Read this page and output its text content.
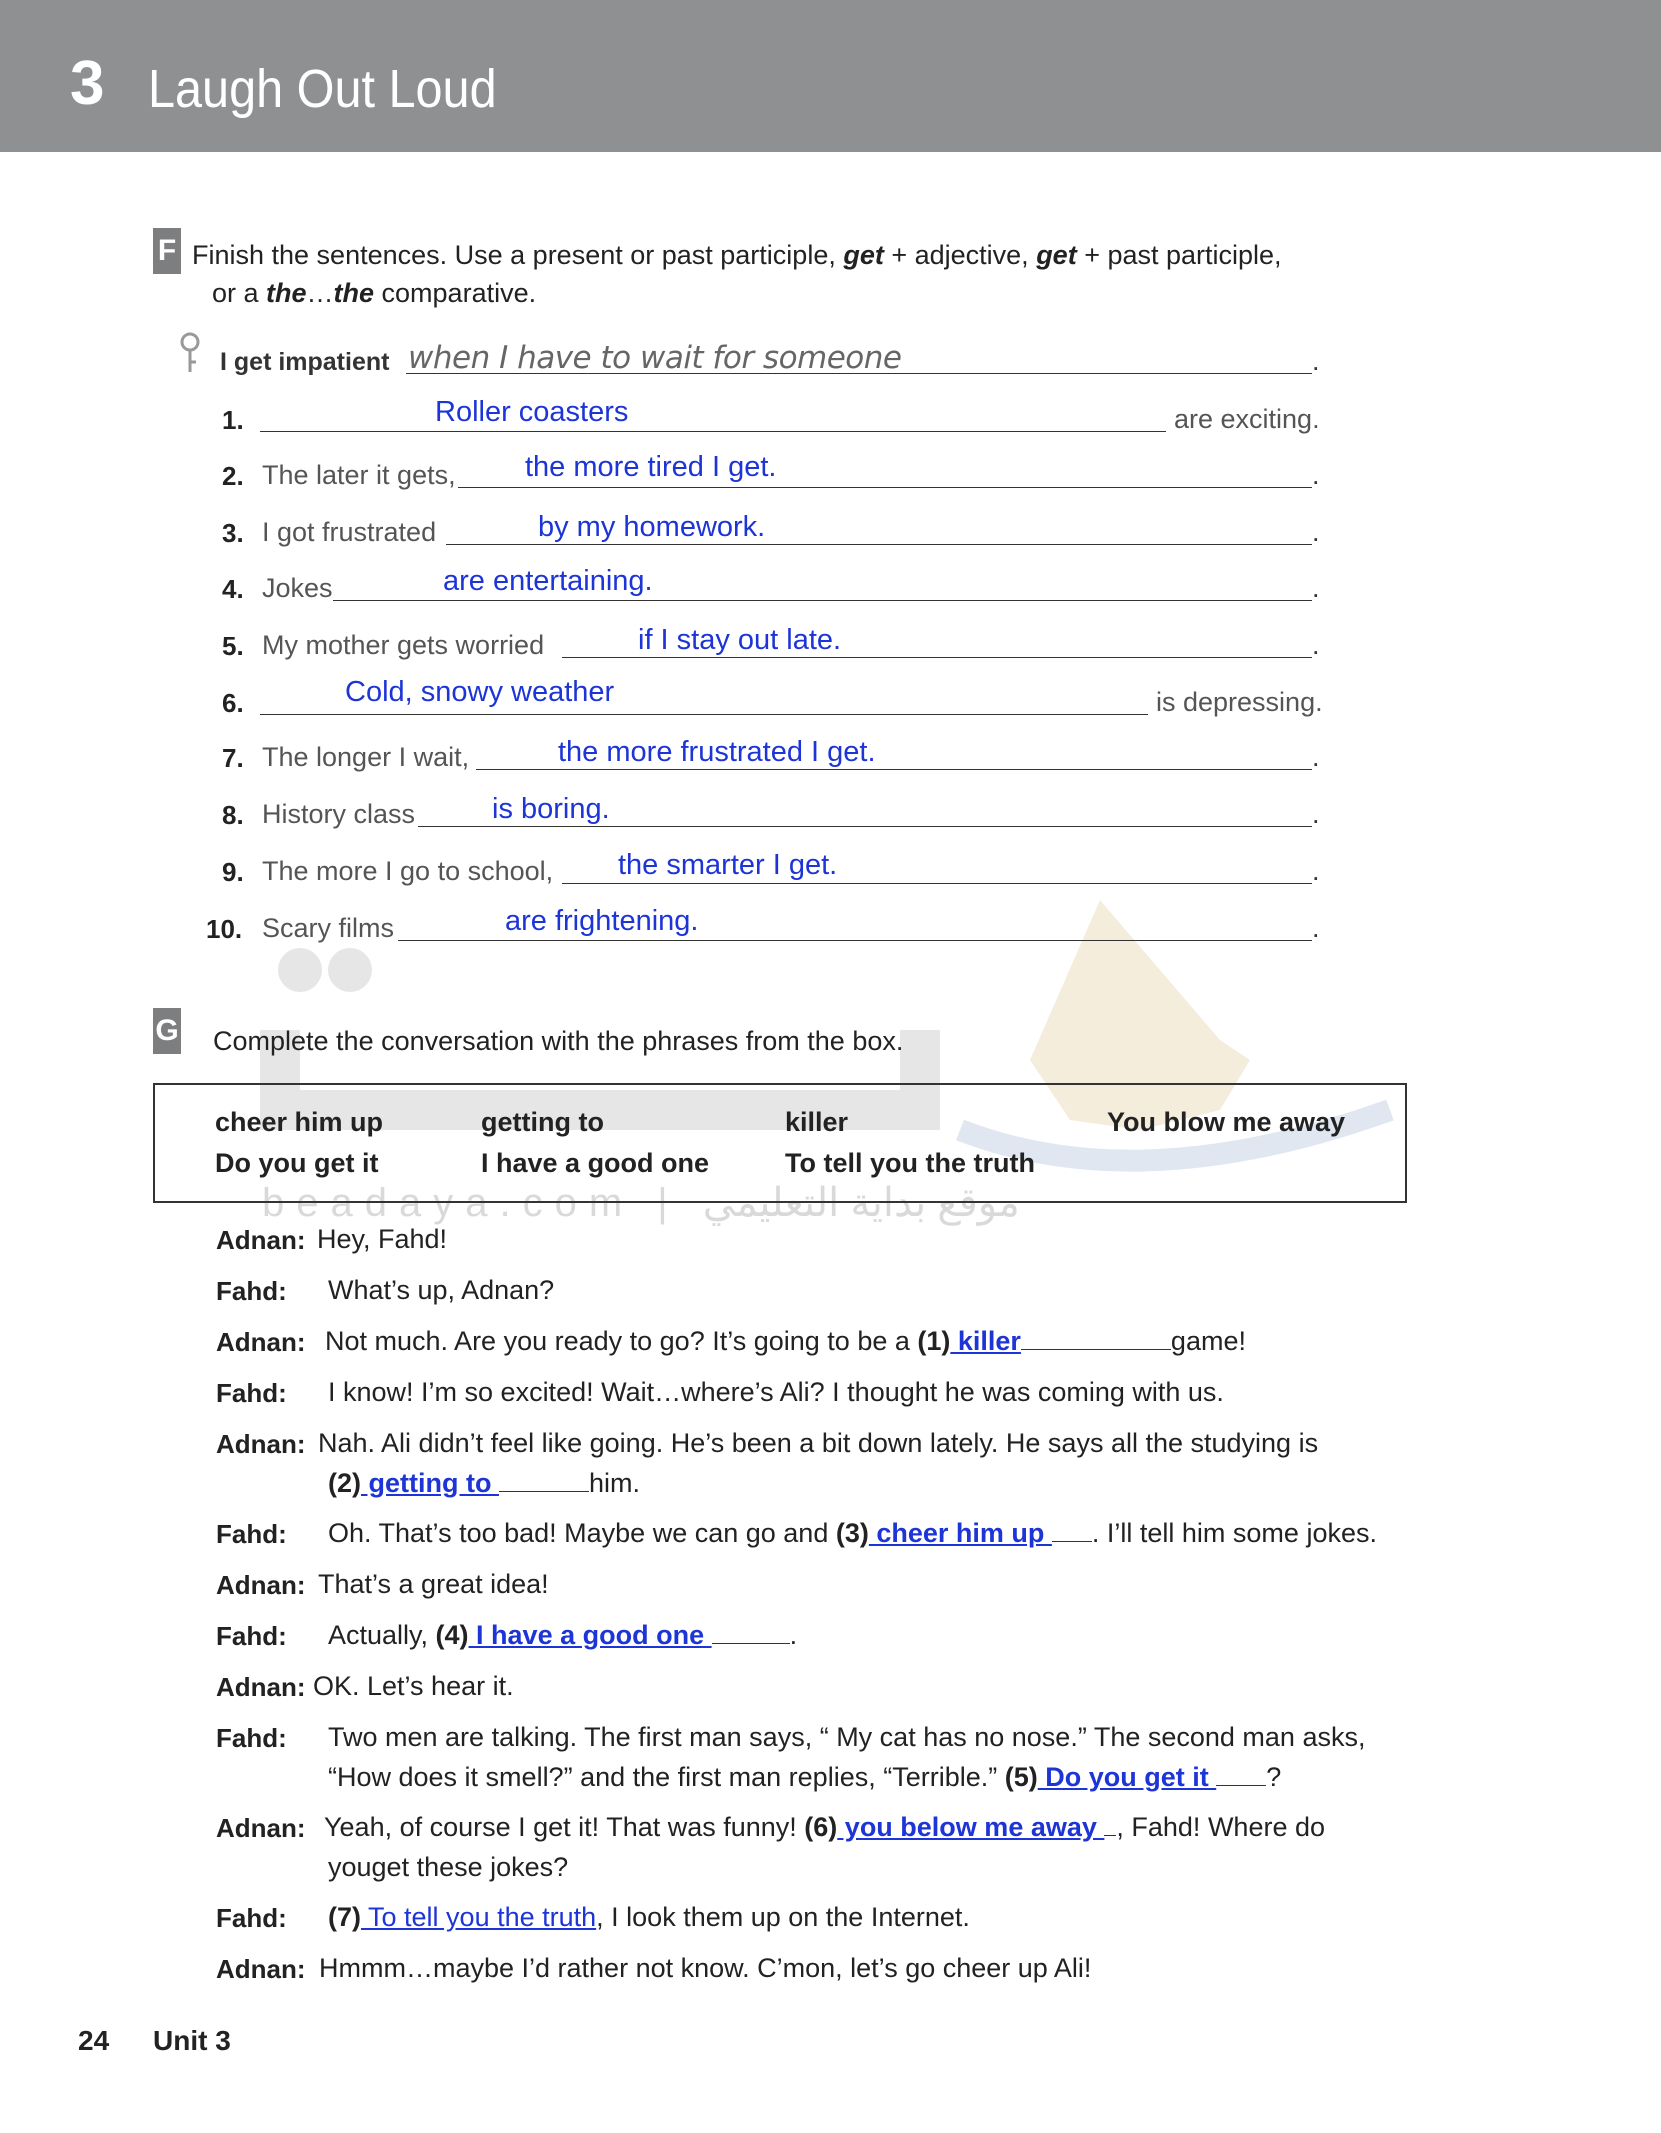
3 Laugh Out Loud
beadaya.com | موقع بداية التعليمي
F Finish the sentences. Use a present or past participle, get + adjective, get + past participle,
or a the…the comparative.
I get impatient when I have to wait for someone	.
1.	Roller coasters	are exciting.
2. The later it gets, the more tired I get.	.
3. I got frustrated	by my homework.	.
4. Jokes	are entertaining.	.
5. My mother gets worried	if I stay out late.	.
6.	Cold, snowy weather	is depressing.
7. The longer I wait,	the more frustrated I get.	.
8. History class	is boring.	.
9. The more I go to school, the smarter I get.	.
10. Scary films	are frightening.	.
G Complete the conversation with the phrases from the box.
cheer him up	getting to	killer	You blow me away
Do you get it	I have a good one	To tell you the truth
Adnan: Hey, Fahd!
Fahd: What’s up, Adnan?
Adnan: Not much. Are you ready to go? It’s going to be a (1) killer	game!
Fahd: I know! I’m so excited! Wait…where’s Ali? I thought he was coming with us.
Adnan: Nah. Ali didn’t feel like going. He’s been a bit down lately. He says all the studying is
(2) getting to	him.
Fahd: Oh. That’s too bad! Maybe we can go and (3) cheer him up . I’ll tell him some jokes.
Adnan: That’s a great idea!
Fahd: Actually, (4) I have a good one	.
Adnan: OK. Let’s hear it.
Fahd: Two men are talking. The first man says, “ My cat has no nose.” The second man asks,
“How does it smell?” and the first man replies, “Terrible.” (5) Do you get it ?
Adnan: Yeah, of course I get it! That was funny! (6) you below me away , Fahd! Where do
youget these jokes?
Fahd: (7) To tell you the truth, I look them up on the Internet.
Adnan: Hmmm…maybe I’d rather not know. C’mon, let’s go cheer up Ali!
24 Unit 3
